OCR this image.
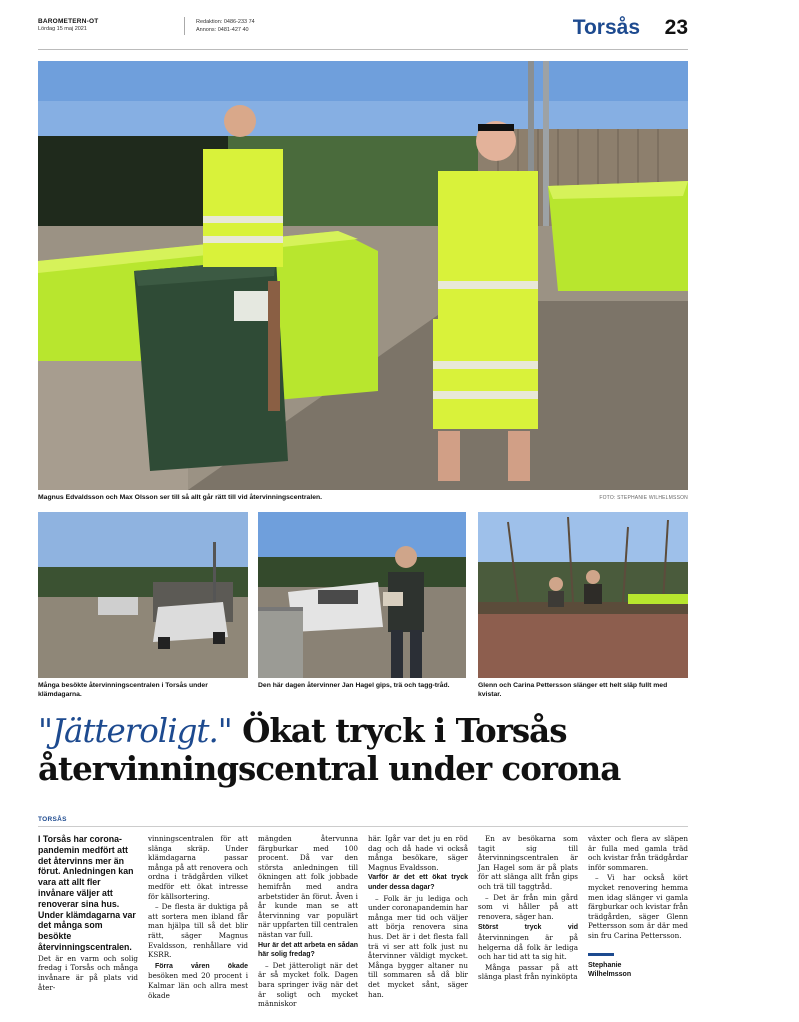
BAROMETERN-OT
Lördag 15 maj 2021
Redaktion: 0486-233 74
Annons: 0481-427 40	Torsås 23
Magnus Edvaldsson och Max Olsson ser till så allt går rätt till vid återvinningscentralen.	FOTO: STEPHANIE WILHELMSSON
Många besökte återvinningscentralen i Torsås under klämdagarna.
Den här dagen återvinner Jan Hagel gips, trä och tagg-tråd.	Glenn och Carina Pettersson slänger ett helt släp fullt med kvistar.
"Jätteroligt." Ökat tryck i Torsås
återvinningscentral under corona
TORSÅS

I Torsås har corona-pandemin medfört att det återvinns mer än förut. Anledningen kan vara att allt fler invånare väljer att renoverar sina hus. Under klämdagarna var det många som besökte återvinningscentralen.

Det är en varm och solig fredag i Torsås och många invånare är på plats vid åter-

vinningscentralen för att slänga skräp. Under klämdagarna passar många på att renovera och ordna i trädgården vilket medför ett ökat intresse för källsortering.

– De flesta är duktiga på att sortera men ibland får man hjälpa till så det blir rätt, säger Magnus Evaldsson, renhållare vid KSRR.

Förra våren ökade besöken med 20 procent i Kalmar län och allra mest ökade

mängden återvunna färgburkar med 100 procent. Då var den största anledningen till ökningen att folk jobbade hemifrån med andra arbetstider än förut. Även i år kunde man se att återvinning var populärt när uppfarten till centralen nästan var full.

Hur är det att arbeta en sådan här solig fredag?

– Det jätteroligt när det är så mycket folk. Dagen bara springer iväg när det är soligt och mycket människor

här. Igår var det ju en röd dag och då hade vi också många besökare, säger Magnus Evaldsson.

Varför är det ett ökat tryck under dessa dagar?

– Folk är ju lediga och under coronapandemin har många mer tid och väljer att börja renovera sina hus. Det är i det flesta fall trä vi ser att folk just nu återvinner väldigt mycket. Många bygger altaner nu till sommaren så då blir det mycket sånt, säger han.

En av besökarna som tagit sig till återvinningscentralen är Jan Hagel som är på plats för att slänga allt från gips och trä till taggtråd.

– Det är från min gård som vi håller på att renovera, säger han.

Störst tryck vid återvinningen är på helgerna då folk är lediga och har tid att ta sig hit.

Många passar på att slänga plast från nyinköpta

växter och flera av släpen är fulla med gamla träd och kvistar från trädgårdar inför sommaren.

– Vi har också kört mycket renovering hemma men idag slänger vi gamla färgburkar och kvistar från trädgården, säger Glenn Pettersson som är där med sin fru Carina Pettersson.

Stephanie
Wilhelmsson
